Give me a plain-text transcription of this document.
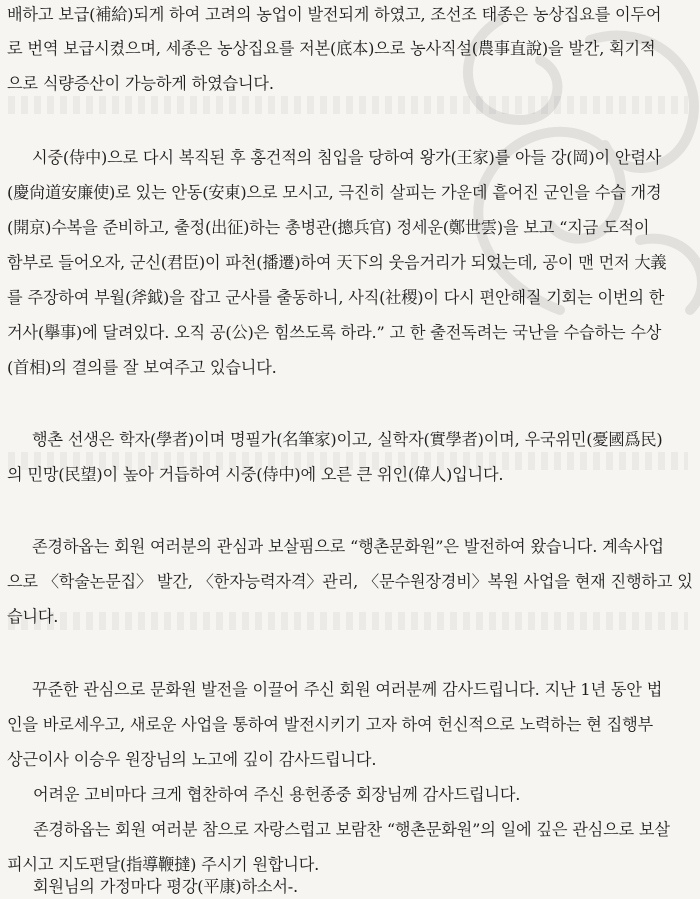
배하고 보급(補給)되게 하여 고려의 농업이 발전되게 하였고, 조선조 태종은 농상집요를 이두어

로 번역 보급시켰으며, 세종은 농상집요를 저본(底本)으로 농사직설(農事直說)을 발간, 획기적

으로 식량증산이 가능하게 하였습니다.

시중(侍中)으로 다시 복직된 후 홍건적의 침입을 당하여 왕가(王家)를 아들 강(岡)이 안렴사

(慶尙道安廉使)로 있는 안동(安東)으로 모시고, 극진히 살피는 가운데 흩어진 군인을 수습 개경

(開京)수복을 준비하고, 출정(出征)하는 총병관(摠兵官) 정세운(鄭世雲)을 보고 “지금 도적이

함부로 들어오자, 군신(君臣)이 파천(播遷)하여 天下의 웃음거리가 되었는데, 공이 맨 먼저 大義

를 주장하여 부월(斧鉞)을 잡고 군사를 출동하니, 사직(社稷)이 다시 편안해질 기회는 이번의 한

거사(擧事)에 달려있다. 오직 공(公)은 힘쓰도록 하라.” 고 한 출전독려는 국난을 수습하는 수상

(首相)의 결의를 잘 보여주고 있습니다.

행촌 선생은 학자(學者)이며 명필가(名筆家)이고, 실학자(實學者)이며, 우국위민(憂國爲民)

의 민망(民望)이 높아 거듭하여 시중(侍中)에 오른 큰 위인(偉人)입니다.

존경하옵는 회원 여러분의 관심과 보살핌으로 “행촌문화원”은 발전하여 왔습니다. 계속사업

으로 〈학술논문집〉 발간, 〈한자능력자격〉관리, 〈문수원장경비〉복원 사업을 현재 진행하고 있

습니다.

꾸준한 관심으로 문화원 발전을 이끌어 주신 회원 여러분께 감사드립니다. 지난 1년 동안 법

인을 바로세우고, 새로운 사업을 통하여 발전시키기 고자 하여 헌신적으로 노력하는 현 집행부

상근이사 이승우 원장님의 노고에 깊이 감사드립니다.

어려운 고비마다 크게 협찬하여 주신 용헌종중 회장님께 감사드립니다.

존경하옵는 회원 여러분 참으로 자랑스럽고 보람찬 “행촌문화원”의 일에 깊은 관심으로 보살

피시고 지도편달(指導鞭撻) 주시기 원합니다.

회원님의 가정마다 평강(平康)하소서-.
